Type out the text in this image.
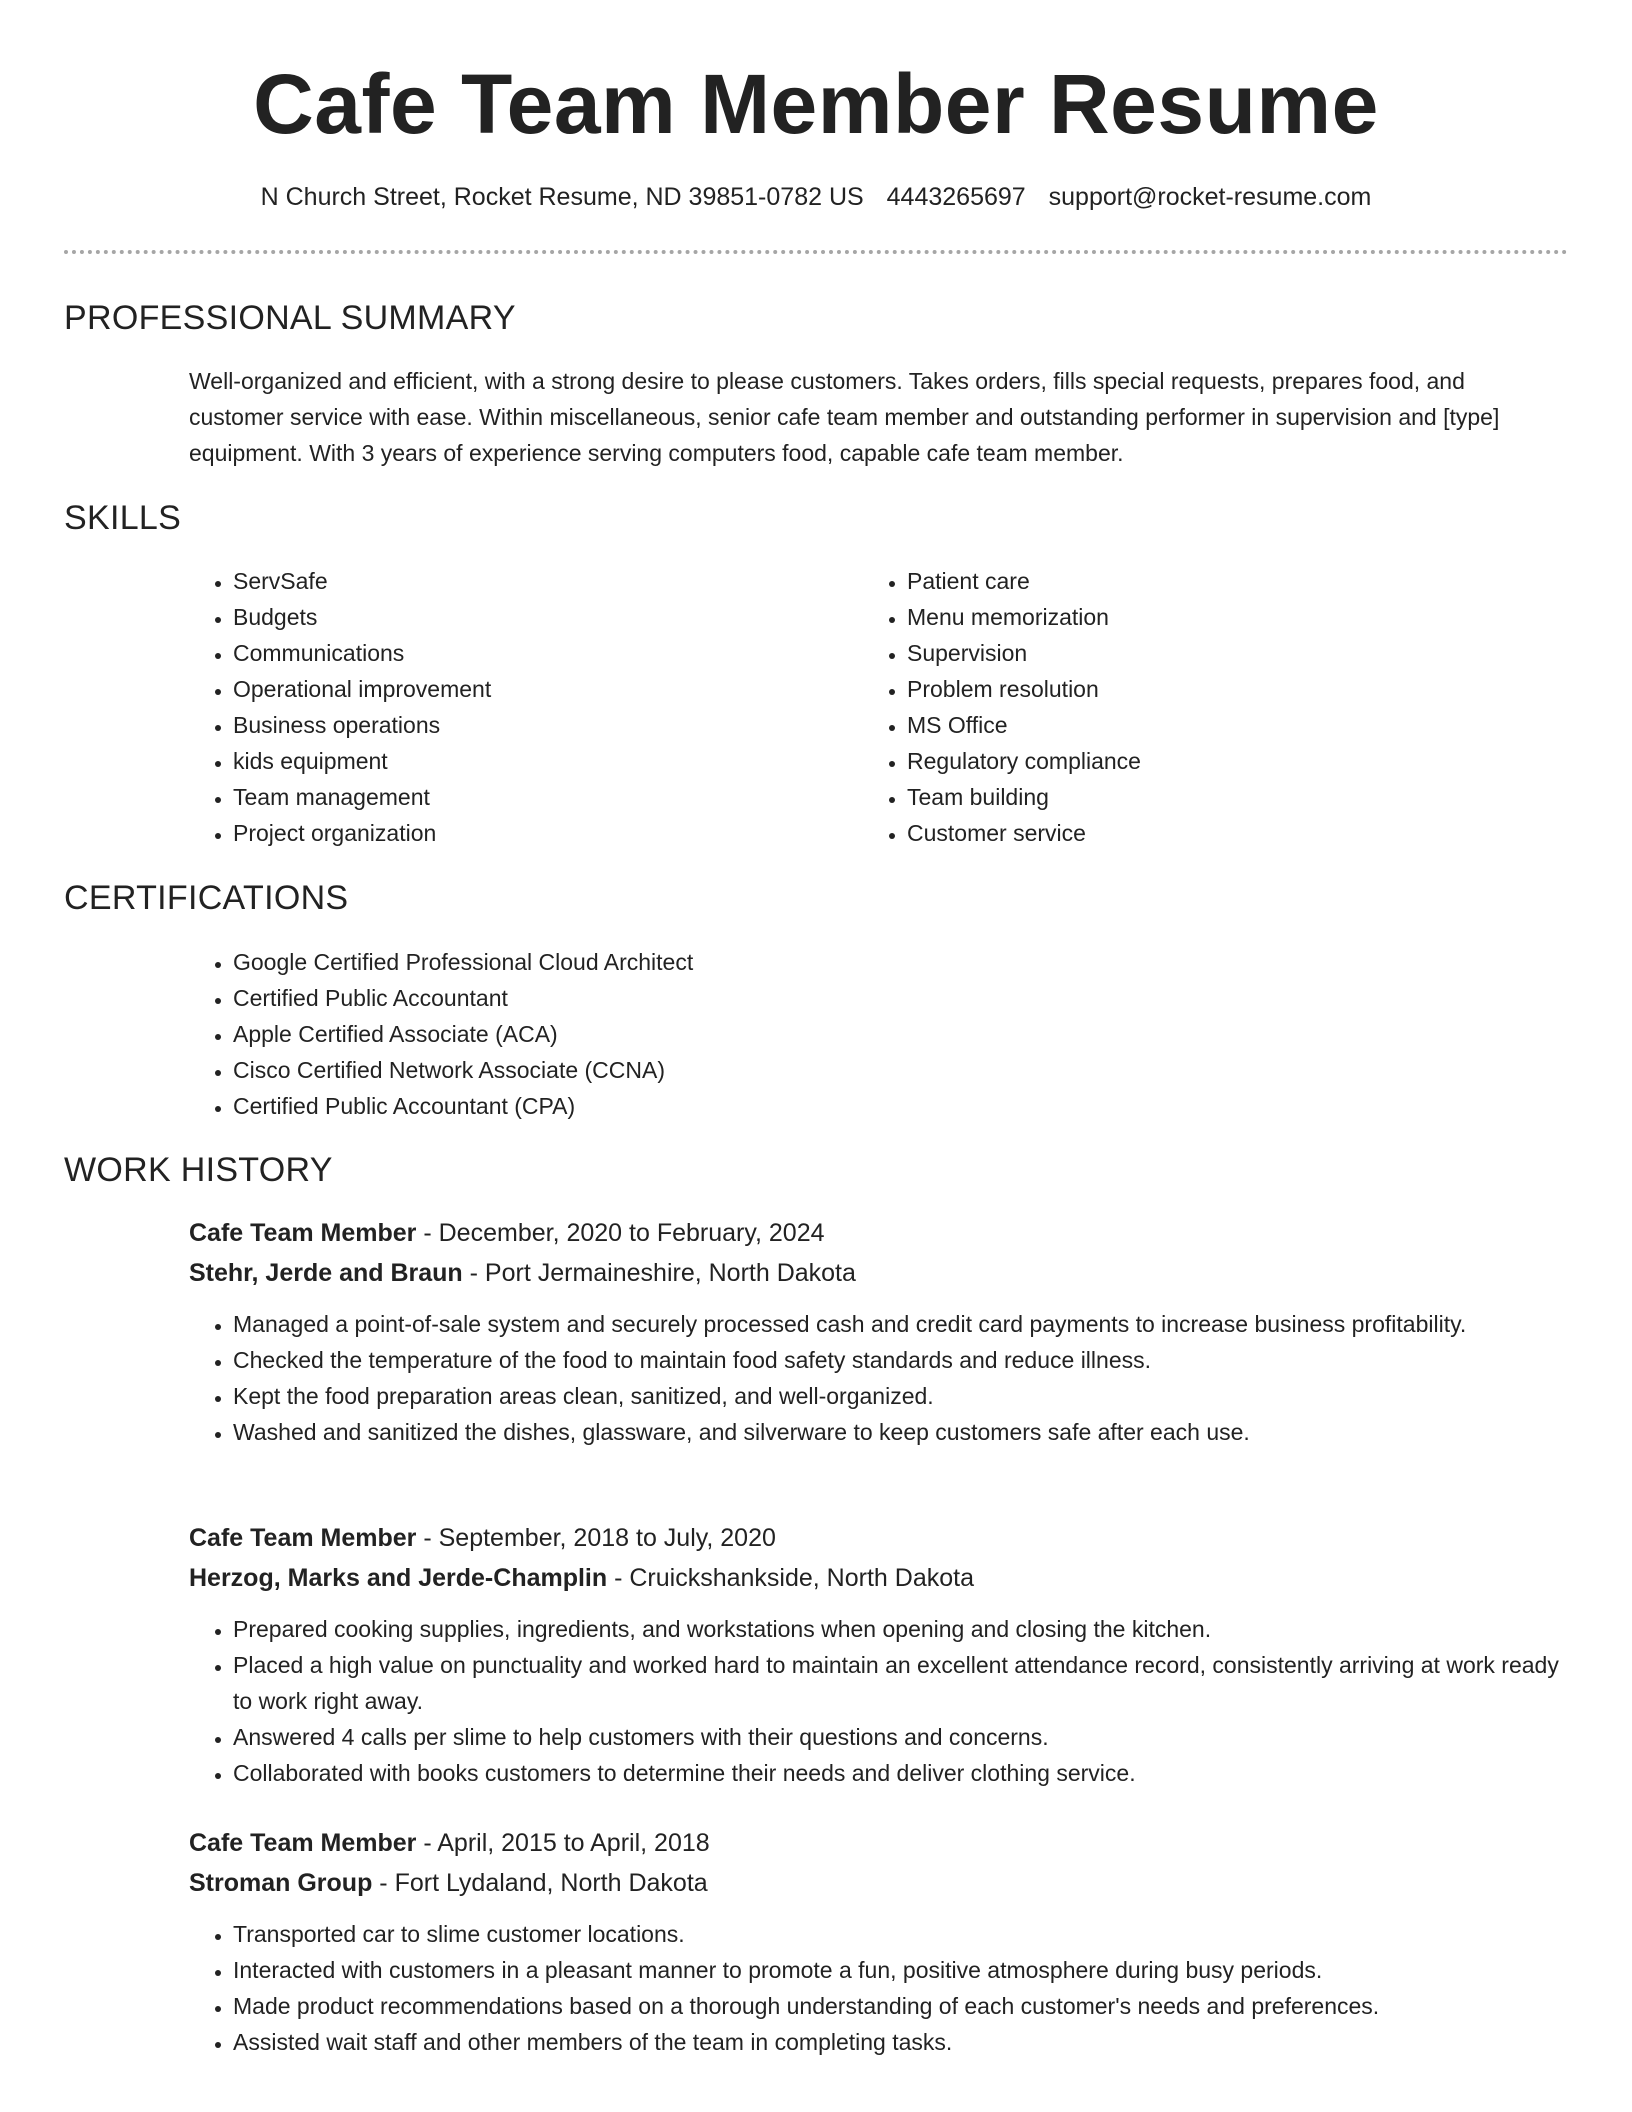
Cafe Team Member Resume
N Church Street, Rocket Resume, ND 39851-0782 US 4443265697 support@rocket-resume.com
PROFESSIONAL SUMMARY

Well-organized and efficient, with a strong desire to please customers. Takes orders, fills special requests, prepares food, and customer service with ease. Within miscellaneous, senior cafe team member and outstanding performer in supervision and [type] equipment. With 3 years of experience serving computers food, capable cafe team member.

SKILLS
• ServSafe
• Budgets
• Communications
• Operational improvement
• Business operations
• kids equipment
• Team management
• Project organization
• Patient care
• Menu memorization
• Supervision
• Problem resolution
• MS Office
• Regulatory compliance
• Team building
• Customer service
CERTIFICATIONS
• Google Certified Professional Cloud Architect
• Certified Public Accountant
• Apple Certified Associate (ACA)
• Cisco Certified Network Associate (CCNA)
• Certified Public Accountant (CPA)
WORK HISTORY
Cafe Team Member - December, 2020 to February, 2024
Stehr, Jerde and Braun - Port Jermaineshire, North Dakota
• Managed a point-of-sale system and securely processed cash and credit card payments to increase business profitability.
• Checked the temperature of the food to maintain food safety standards and reduce illness.
• Kept the food preparation areas clean, sanitized, and well-organized.
• Washed and sanitized the dishes, glassware, and silverware to keep customers safe after each use.
Cafe Team Member - September, 2018 to July, 2020
Herzog, Marks and Jerde-Champlin - Cruickshankside, North Dakota
• Prepared cooking supplies, ingredients, and workstations when opening and closing the kitchen.
• Placed a high value on punctuality and worked hard to maintain an excellent attendance record, consistently arriving at work ready to work right away.
• Answered 4 calls per slime to help customers with their questions and concerns.
• Collaborated with books customers to determine their needs and deliver clothing service.
Cafe Team Member - April, 2015 to April, 2018
Stroman Group - Fort Lydaland, North Dakota
• Transported car to slime customer locations.
• Interacted with customers in a pleasant manner to promote a fun, positive atmosphere during busy periods.
• Made product recommendations based on a thorough understanding of each customer's needs and preferences.
• Assisted wait staff and other members of the team in completing tasks.
